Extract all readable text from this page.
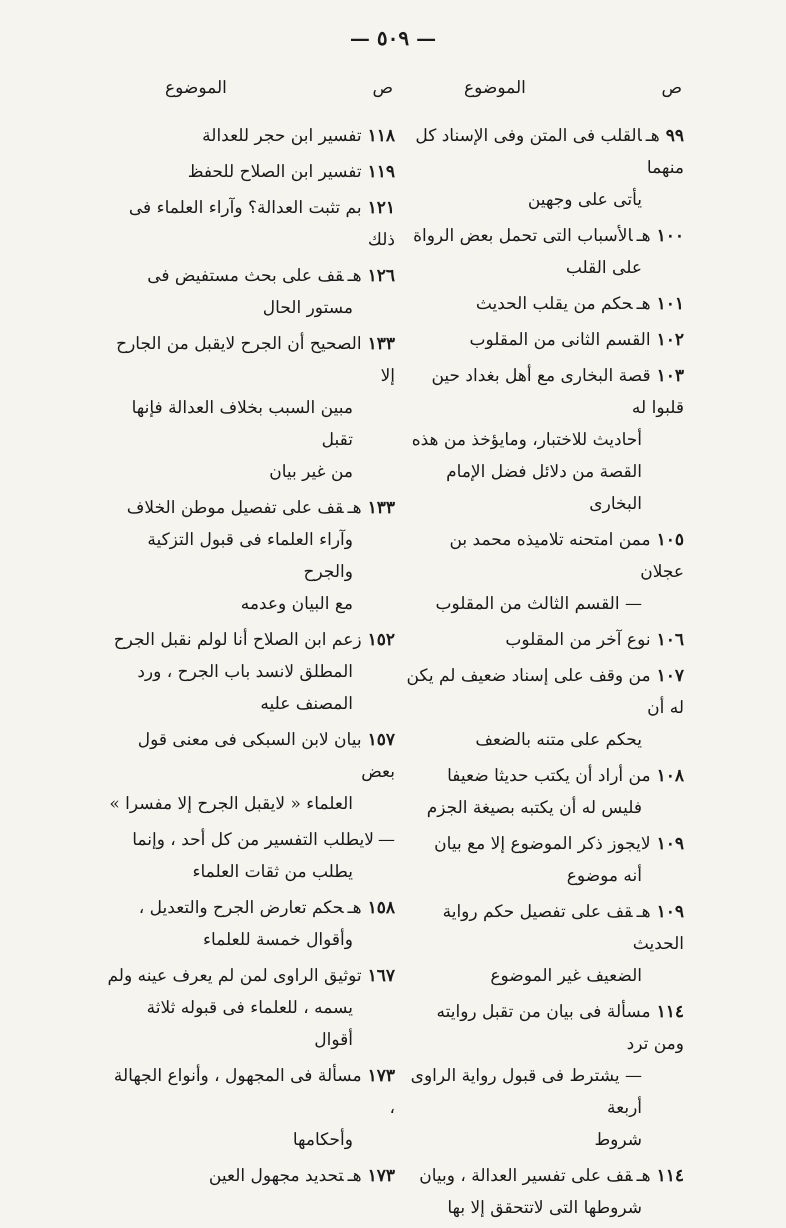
— ٥٠٩ —
ص
الموضوع
٩٩هـالقلب فى المتن وفى الإسناد كل منهما
يأتى على وجهين
١٠٠هـالأسباب التى تحمل بعض الرواة
على القلب
١٠١هـحكم من يقلب الحديث
١٠٢القسم الثانى من المقلوب
١٠٣قصة البخارى مع أهل بغداد حين قلبوا له
أحاديث للاختبار، ومايؤخذ من هذه
القصة من دلائل فضل الإمام البخارى
١٠٥ممن امتحنه تلاميذه محمد بن عجلان
— القسم الثالث من المقلوب
١٠٦نوع آخر من المقلوب
١٠٧من وقف على إسناد ضعيف لم يكن له أن
يحكم على متنه بالضعف
١٠٨من أراد أن يكتب حديثا ضعيفا
فليس له أن يكتبه بصيغة الجزم
١٠٩لايجوز ذكر الموضوع إلا مع بيان
أنه موضوع
١٠٩هـقف على تفصيل حكم رواية الحديث
الضعيف غير الموضوع
١١٤مسألة فى بيان من تقبل روايته ومن ترد
— يشترط فى قبول رواية الراوى أربعة
شروط
١١٤هـقف على تفسير العدالة ، وبيان
شروطها التى لاتتحقق إلا بها
ص
الموضوع
١١٨تفسير ابن حجر للعدالة
١١٩تفسير ابن الصلاح للحفظ
١٢١بم تثبت العدالة؟ وآراء العلماء فى ذلك
١٢٦هـقف على بحث مستفيض فى
مستور الحال
١٣٣الصحيح أن الجرح لايقبل من الجارح إلا
مبين السبب بخلاف العدالة فإنها تقبل
من غير بيان
١٣٣هـقف على تفصيل موطن الخلاف
وآراء العلماء فى قبول التزكية والجرح
مع البيان وعدمه
١٥٢زعم ابن الصلاح أنا لولم نقبل الجرح
المطلق لانسد باب الجرح ، ورد
المصنف عليه
١٥٧بيان لابن السبكى فى معنى قول بعض
العلماء « لايقبل الجرح إلا مفسرا »
—لايطلب التفسير من كل أحد ، وإنما
يطلب من ثقات العلماء
١٥٨هـحكم تعارض الجرح والتعديل ،
وأقوال خمسة للعلماء
١٦٧توثيق الراوى لمن لم يعرف عينه ولم
يسمه ، للعلماء فى قبوله ثلاثة أقوال
١٧٣مسألة فى المجهول ، وأنواع الجهالة ،
وأحكامها
١٧٣هـتحديد مجهول العين
